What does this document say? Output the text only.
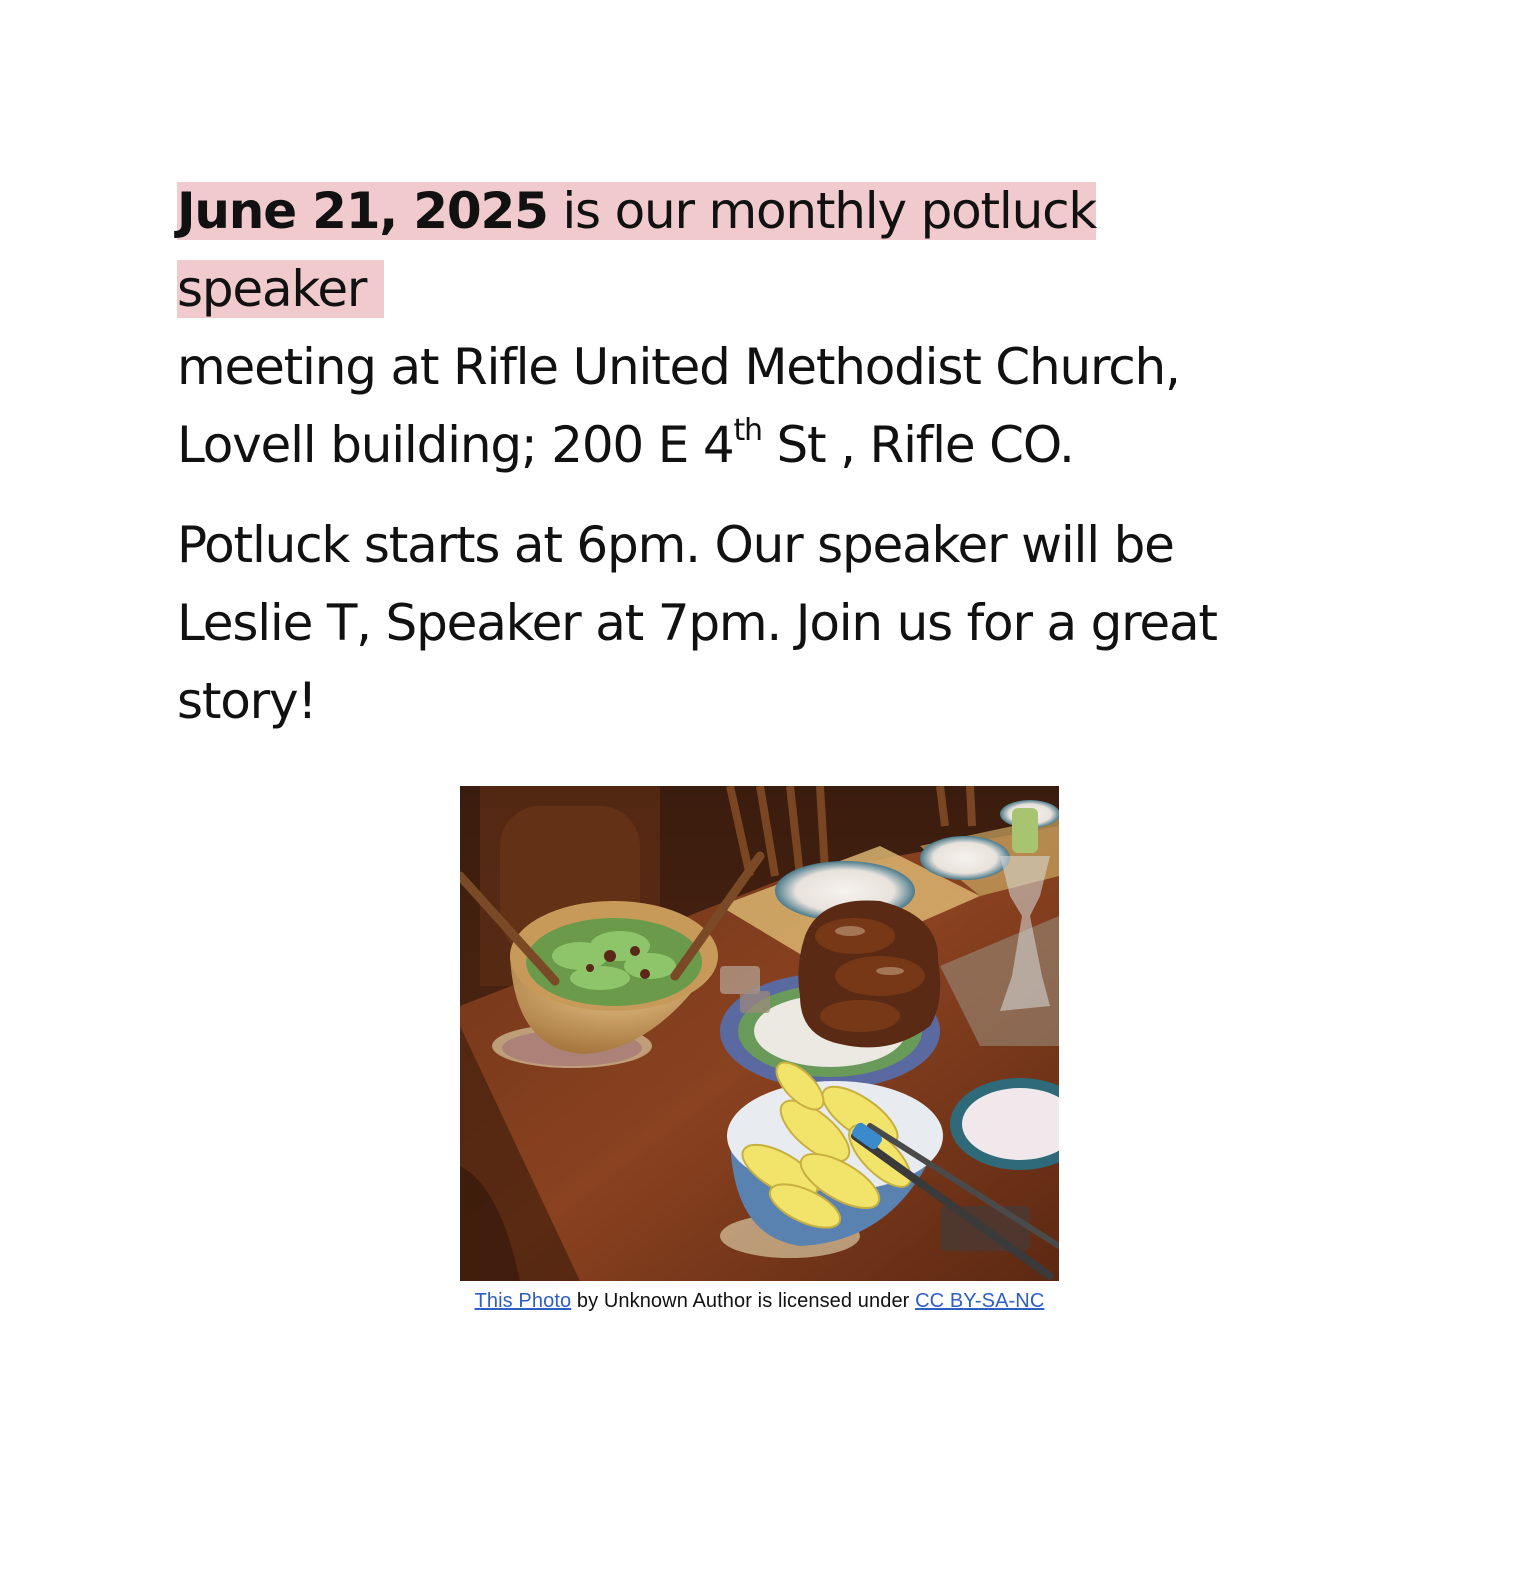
June 21, 2025 is our monthly potluck speaker
meeting at Rifle United Methodist Church,
Lovell building; 200 E 4th St , Rifle CO.

Potluck starts at 6pm. Our speaker will be
Leslie T, Speaker at 7pm. Join us for a great
story!

This Photo by Unknown Author is licensed under CC BY-SA-NC
